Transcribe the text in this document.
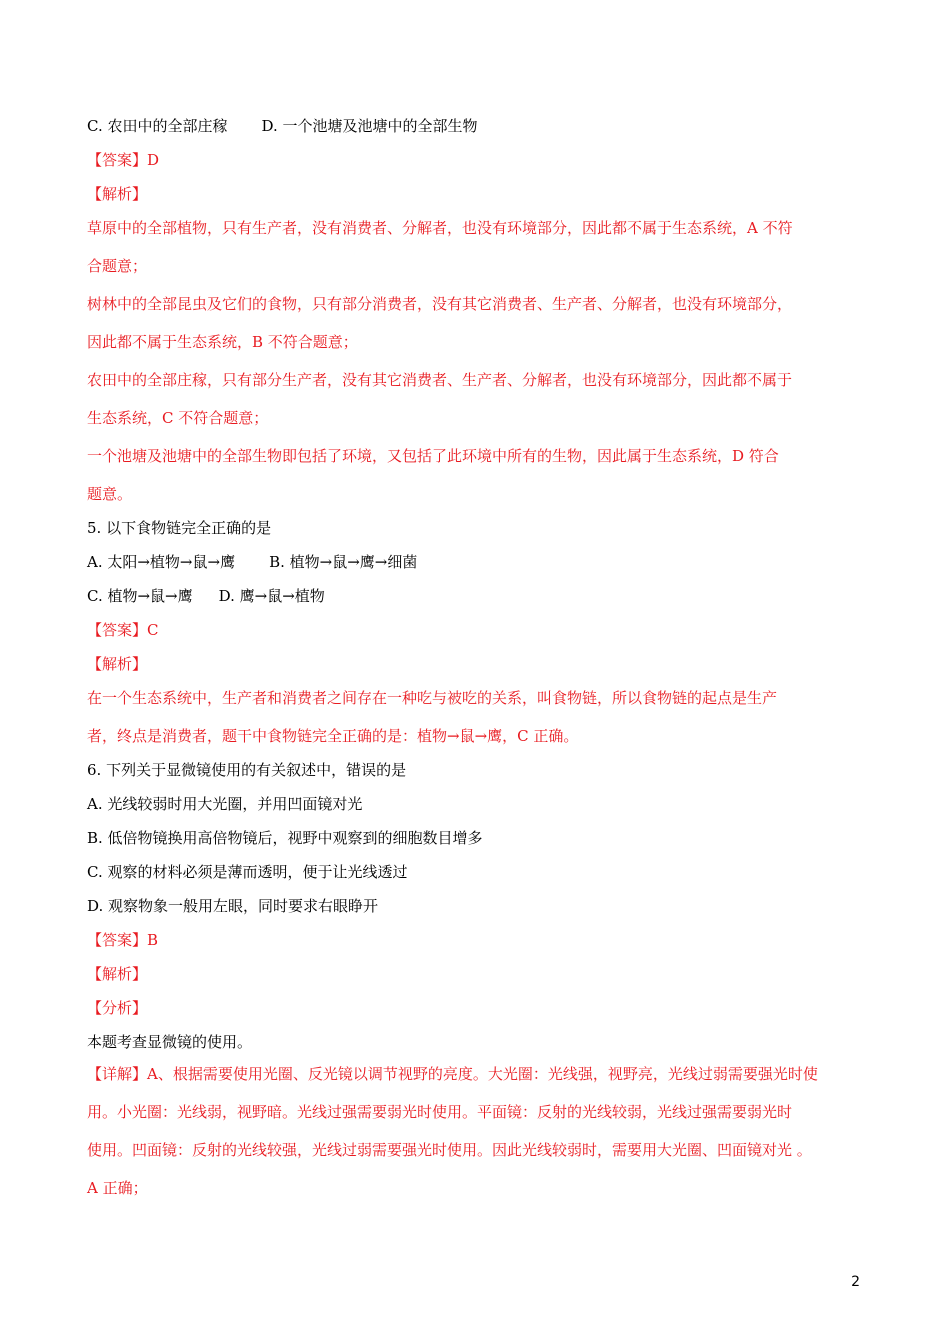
C. 农田中的全部庄稼 D. 一个池塘及池塘中的全部生物
【答案】D
【解析】
草原中的全部植物，只有生产者，没有消费者、分解者，也没有环境部分，因此都不属于生态系统，A 不符
合题意；
树林中的全部昆虫及它们的食物，只有部分消费者，没有其它消费者、生产者、分解者，也没有环境部分，
因此都不属于生态系统，B 不符合题意；
农田中的全部庄稼，只有部分生产者，没有其它消费者、生产者、分解者，也没有环境部分，因此都不属于
生态系统，C 不符合题意；
一个池塘及池塘中的全部生物即包括了环境，又包括了此环境中所有的生物，因此属于生态系统，D 符合
题意。
5. 以下食物链完全正确的是
A. 太阳→植物→鼠→鹰 B. 植物→鼠→鹰→细菌
C. 植物→鼠→鹰 D. 鹰→鼠→植物
【答案】C
【解析】
在一个生态系统中，生产者和消费者之间存在一种吃与被吃的关系，叫食物链，所以食物链的起点是生产
者，终点是消费者，题干中食物链完全正确的是：植物→鼠→鹰，C 正确。
6. 下列关于显微镜使用的有关叙述中，错误的是
A. 光线较弱时用大光圈，并用凹面镜对光
B. 低倍物镜换用高倍物镜后，视野中观察到的细胞数目增多
C. 观察的材料必须是薄而透明，便于让光线透过
D. 观察物象一般用左眼，同时要求右眼睁开
【答案】B
【解析】
【分析】
本题考查显微镜的使用。
【详解】A、根据需要使用光圈、反光镜以调节视野的亮度。大光圈：光线强，视野亮，光线过弱需要强光时使
用。小光圈：光线弱，视野暗。光线过强需要弱光时使用。平面镜：反射的光线较弱，光线过强需要弱光时
使用。凹面镜：反射的光线较强，光线过弱需要强光时使用。因此光线较弱时，需要用大光圈、凹面镜对光 。
A 正确；
2
